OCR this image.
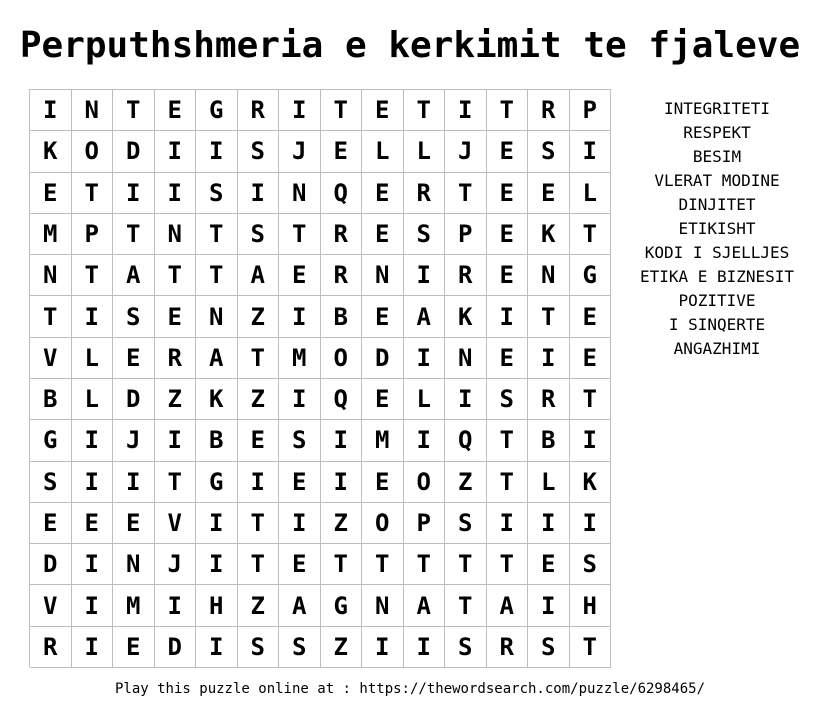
Perputhshmeria e kerkimit te fjaleve
I	N	T	E	G	R	I	T	E	T	I	T	R	P
K	O	D	I	I	S	J	E	L	L	J	E	S	I
E	T	I	I	S	I	N	Q	E	R	T	E	E	L
M	P	T	N	T	S	T	R	E	S	P	E	K	T
N	T	A	T	T	A	E	R	N	I	R	E	N	G
T	I	S	E	N	Z	I	B	E	A	K	I	T	E
V	L	E	R	A	T	M	O	D	I	N	E	I	E
B	L	D	Z	K	Z	I	Q	E	L	I	S	R	T
G	I	J	I	B	E	S	I	M	I	Q	T	B	I
S	I	I	T	G	I	E	I	E	O	Z	T	L	K
E	E	E	V	I	T	I	Z	O	P	S	I	I	I
D	I	N	J	I	T	E	T	T	T	T	T	E	S
V	I	M	I	H	Z	A	G	N	A	T	A	I	H
R	I	E	D	I	S	S	Z	I	I	S	R	S	T
INTEGRITETI
RESPEKT
BESIM
VLERAT MODINE
DINJITET
ETIKISHT
KODI I SJELLJES
ETIKA E BIZNESIT
POZITIVE
I SINQERTE
ANGAZHIMI
Play this puzzle online at : https://thewordsearch.com/puzzle/6298465/
